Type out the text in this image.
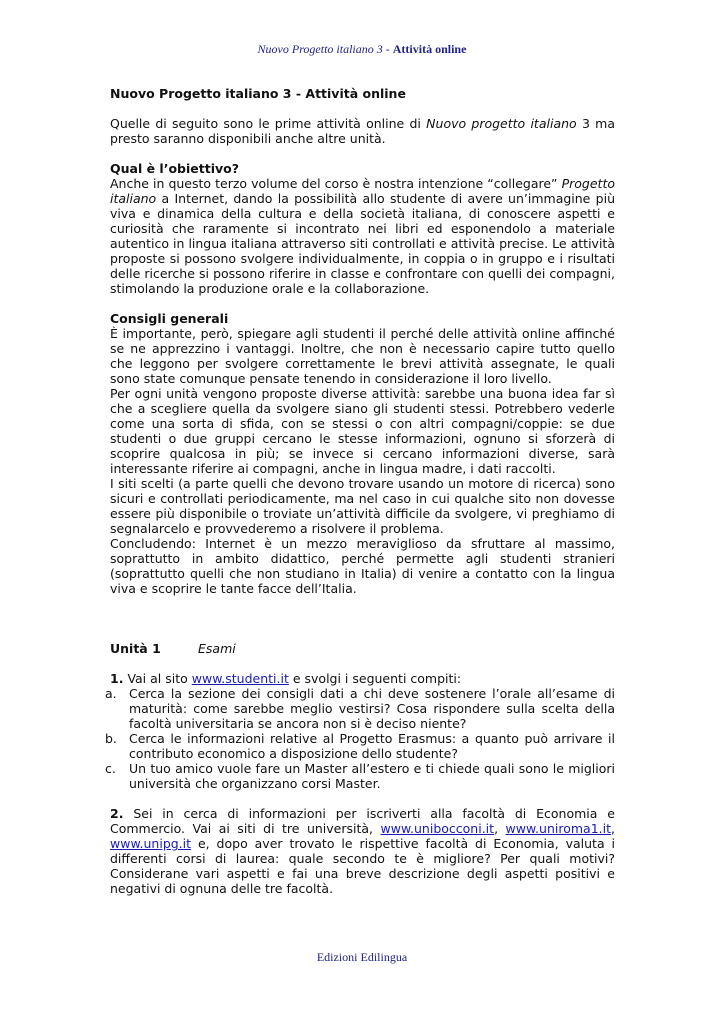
Nuovo Progetto italiano 3 - Attività online

Nuovo Progetto italiano 3 - Attività online

Quelle di seguito sono le prime attività online di Nuovo progetto italiano 3 ma presto saranno disponibili anche altre unità.

Qual è l’obiettivo?

Anche in questo terzo volume del corso è nostra intenzione “collegare” Progetto italiano a Internet, dando la possibilità allo studente di avere un’immagine più viva e dinamica della cultura e della società italiana, di conoscere aspetti e curiosità che raramente si incontrato nei libri ed esponendolo a materiale autentico in lingua italiana attraverso siti controllati e attività precise. Le attività proposte si possono svolgere individualmente, in coppia o in gruppo e i risultati delle ricerche si possono riferire in classe e confrontare con quelli dei compagni, stimolando la produzione orale e la collaborazione.

Consigli generali

È importante, però, spiegare agli studenti il perché delle attività online affinché se ne apprezzino i vantaggi. Inoltre, che non è necessario capire tutto quello che leggono per svolgere correttamente le brevi attività assegnate, le quali sono state comunque pensate tenendo in considerazione il loro livello.

Per ogni unità vengono proposte diverse attività: sarebbe una buona idea far sì che a scegliere quella da svolgere siano gli studenti stessi. Potrebbero vederle come una sorta di sfida, con se stessi o con altri compagni/coppie: se due studenti o due gruppi cercano le stesse informazioni, ognuno si sforzerà di scoprire qualcosa in più; se invece si cercano informazioni diverse, sarà interessante riferire ai compagni, anche in lingua madre, i dati raccolti.

I siti scelti (a parte quelli che devono trovare usando un motore di ricerca) sono sicuri e controllati periodicamente, ma nel caso in cui qualche sito non dovesse essere più disponibile o troviate un’attività difficile da svolgere, vi preghiamo di segnalarcelo e provvederemo a risolvere il problema.

Concludendo: Internet è un mezzo meraviglioso da sfruttare al massimo, soprattutto in ambito didattico, perché permette agli studenti stranieri (soprattutto quelli che non studiano in Italia) di venire a contatto con la lingua viva e scoprire le tante facce dell’Italia.

Unità 1	Esami

1. Vai al sito www.studenti.it e svolgi i seguenti compiti:

a. Cerca la sezione dei consigli dati a chi deve sostenere l’orale all’esame di maturità: come sarebbe meglio vestirsi? Cosa rispondere sulla scelta della facoltà universitaria se ancora non si è deciso niente?
b. Cerca le informazioni relative al Progetto Erasmus: a quanto può arrivare il contributo economico a disposizione dello studente?
c.	Un tuo amico vuole fare un Master all’estero e ti chiede quali sono le migliori università che organizzano corsi Master.

2. Sei in cerca di informazioni per iscriverti alla facoltà di Economia e Commercio. Vai ai siti di tre università, www.unibocconi.it, www.uniroma1.it, www.unipg.it e, dopo aver trovato le rispettive facoltà di Economia, valuta i differenti corsi di laurea: quale secondo te è migliore? Per quali motivi? Considerane vari aspetti e fai una breve descrizione degli aspetti positivi e negativi di ognuna delle tre facoltà.

Edizioni Edilingua
